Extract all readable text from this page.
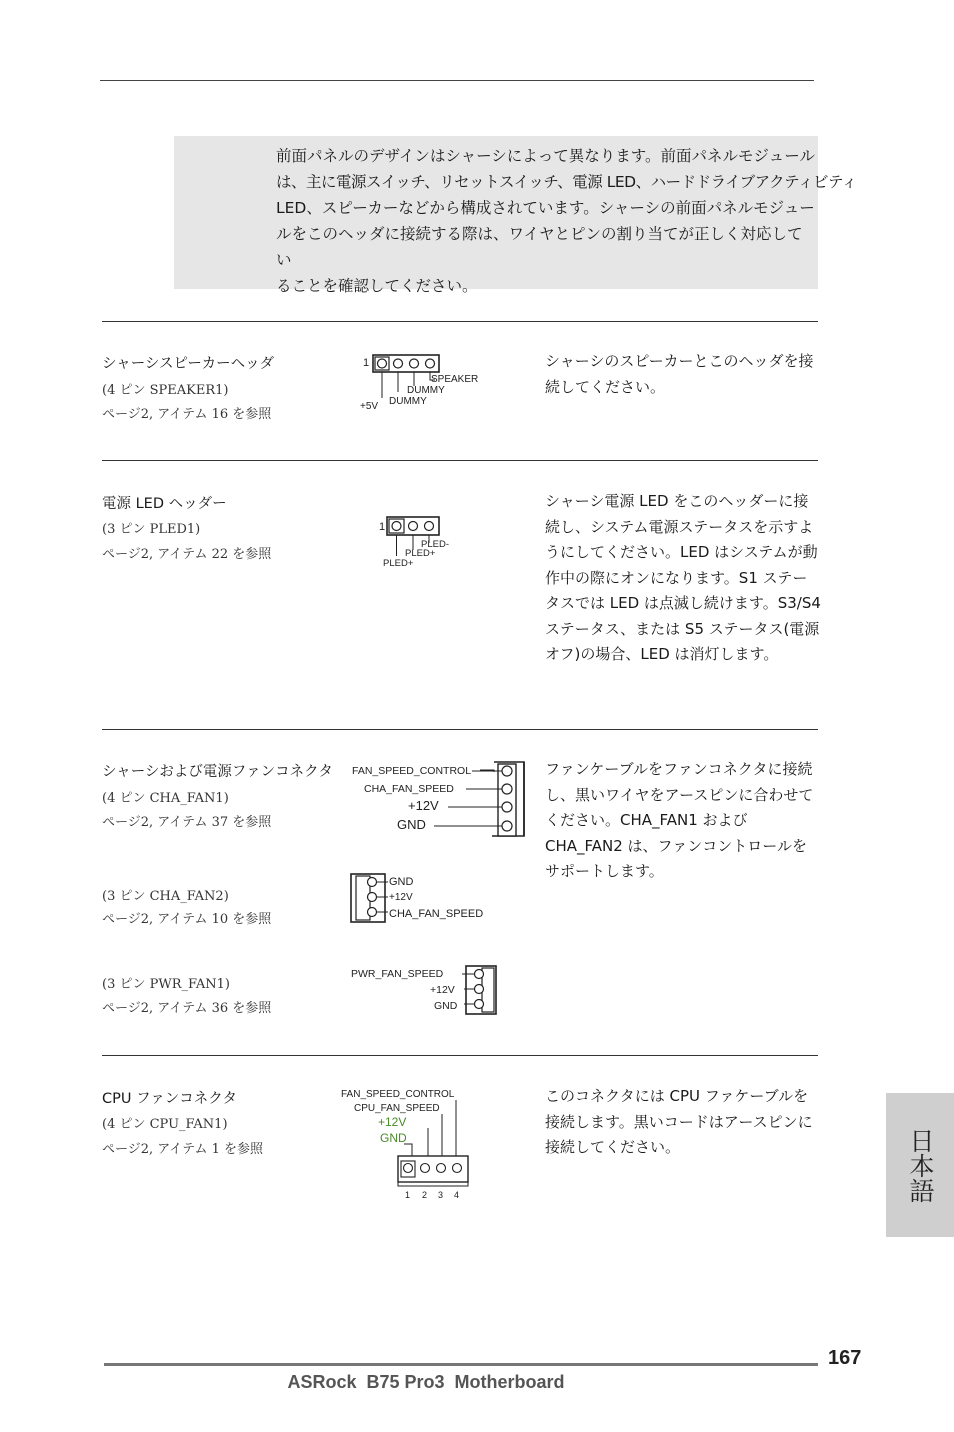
前面パネルのデザインはシャーシによって異なります。前面パネルモジュール
は、主に電源スイッチ、リセットスイッチ、電源 LED、ハードドライブアクティビティ
LED、スピーカーなどから構成されています。シャーシの前面パネルモジュー
ルをこのヘッダに接続する際は、ワイヤとピンの割り当てが正しく対応してい
ることを確認してください。
シャーシスピーカーヘッダ
(4 ピン SPEAKER1)
ページ2, アイテム 16 を参照
1
SPEAKER
DUMMY
DUMMY
+5V
シャーシのスピーカーとこのヘッダを接続してください。
電源 LED ヘッダー
(3 ピン PLED1)
ページ2, アイテム 22 を参照
1
PLED-
PLED+
PLED+
シャーシ電源 LED をこのヘッダーに接続し、システム電源ステータスを示すようにしてください。LED はシステムが動作中の際にオンになります。S1 ステータスでは LED は点滅し続けます。S3/S4 ステータス、または S5 ステータス(電源オフ)の場合、LED は消灯します。
シャーシおよび電源ファンコネクタ
(4 ピン CHA_FAN1)
ページ2, アイテム 37 を参照
FAN_SPEED_CONTROL
CHA_FAN_SPEED
+12V
GND
ファンケーブルをファンコネクタに接続し、黒いワイヤをアースピンに合わせてください。CHA_FAN1 および CHA_FAN2 は、ファンコントロールをサポートします。
(3 ピン CHA_FAN2)
ページ2, アイテム 10 を参照
GND
+12V
CHA_FAN_SPEED
(3 ピン PWR_FAN1)
ページ2, アイテム 36 を参照
PWR_FAN_SPEED
+12V
GND
CPU ファンコネクタ
(4 ピン CPU_FAN1)
ページ2, アイテム 1 を参照
FAN_SPEED_CONTROL
CPU_FAN_SPEED
+12V
GND
1 2 3 4
このコネクタには CPU ファケーブルを接続します。黒いコードはアースピンに接続してください。	日本語
167
ASRock  B75 Pro3  Motherboard
